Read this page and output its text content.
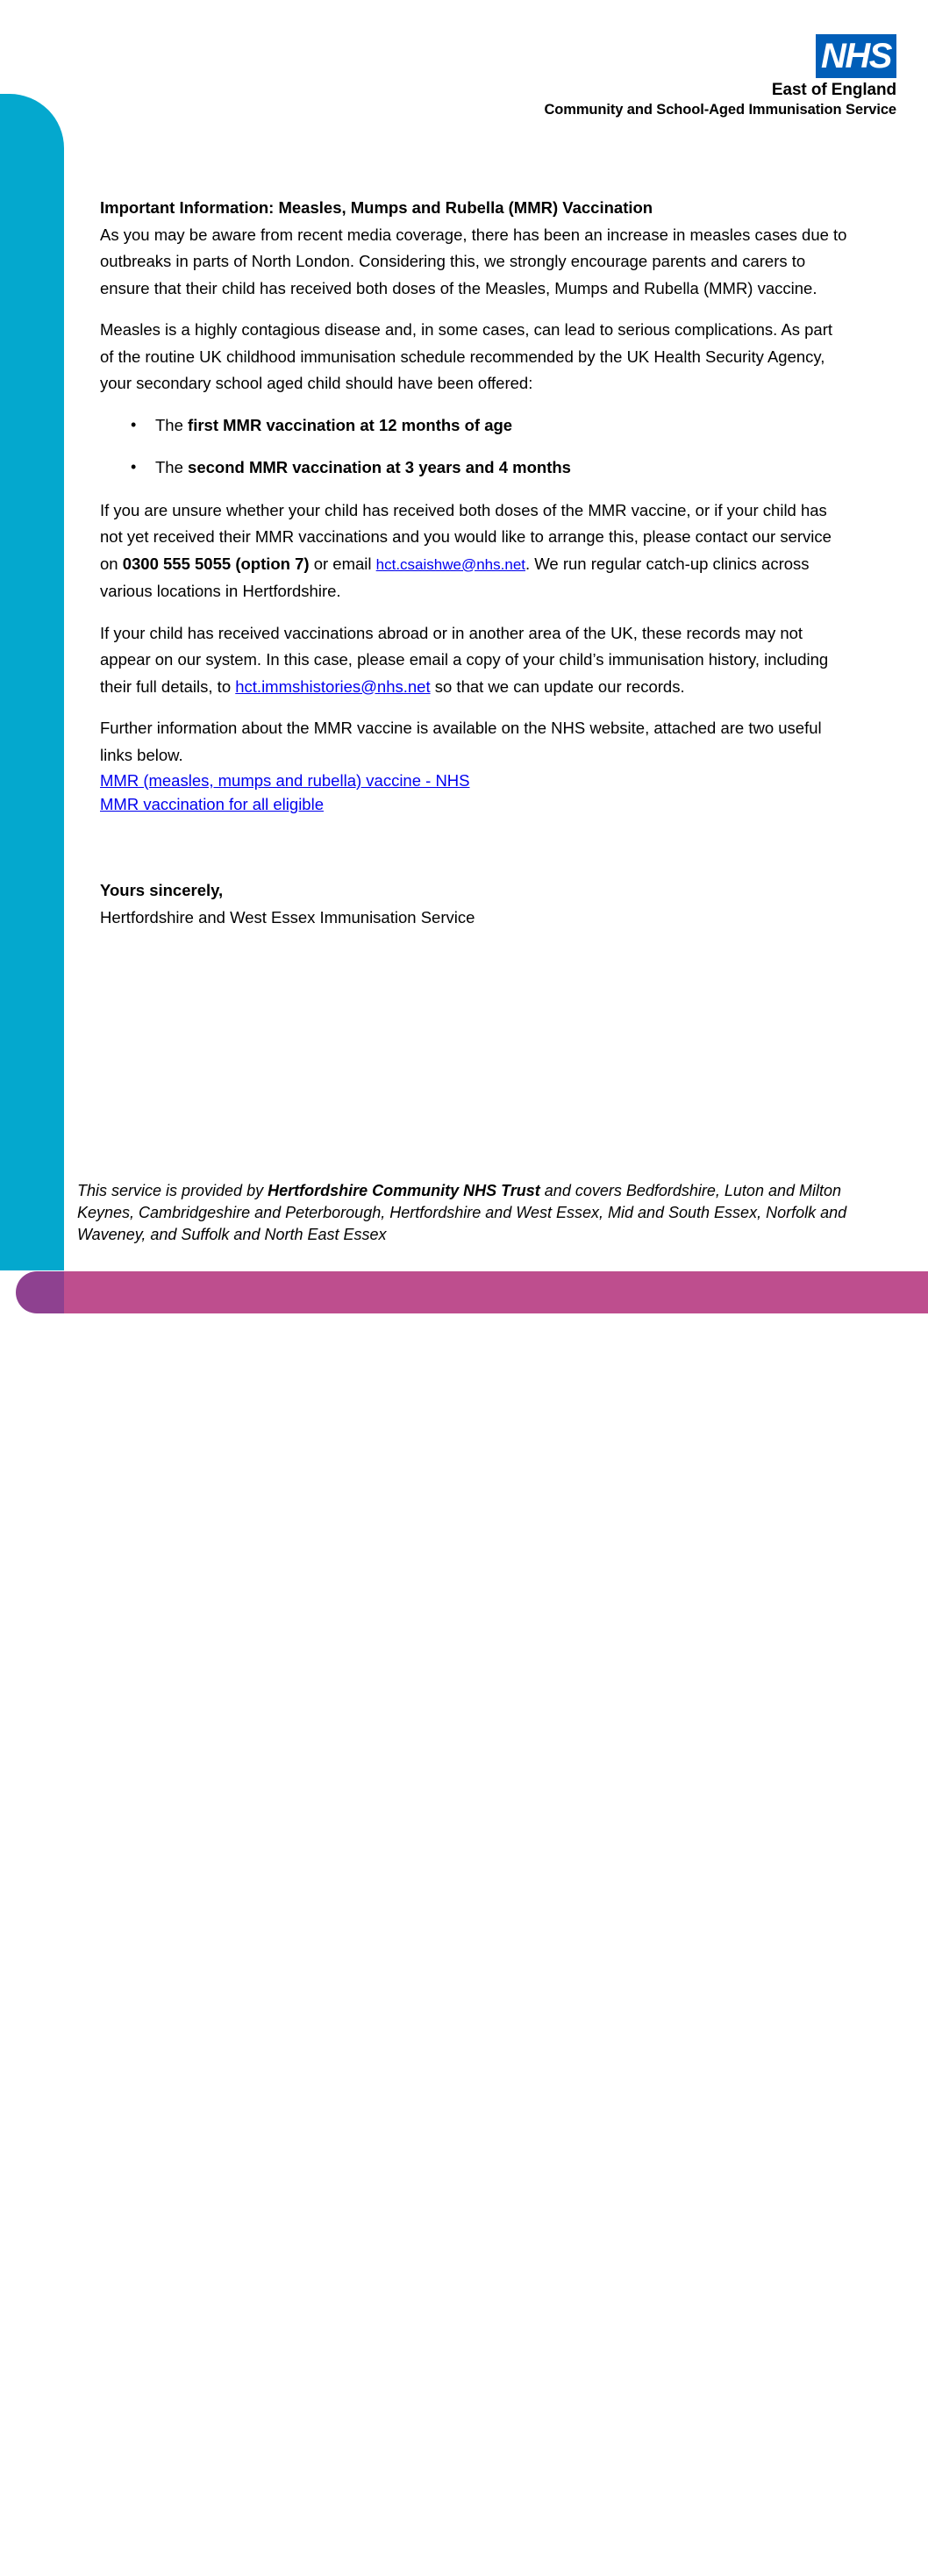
NHS
East of England
Community and School-Aged Immunisation Service

Important Information: Measles, Mumps and Rubella (MMR) Vaccination
As you may be aware from recent media coverage, there has been an increase in measles cases due to outbreaks in parts of North London. Considering this, we strongly encourage parents and carers to ensure that their child has received both doses of the Measles, Mumps and Rubella (MMR) vaccine.

Measles is a highly contagious disease and, in some cases, can lead to serious complications. As part of the routine UK childhood immunisation schedule recommended by the UK Health Security Agency, your secondary school aged child should have been offered:

• The first MMR vaccination at 12 months of age
• The second MMR vaccination at 3 years and 4 months

If you are unsure whether your child has received both doses of the MMR vaccine, or if your child has not yet received their MMR vaccinations and you would like to arrange this, please contact our service on 0300 555 5055 (option 7) or email hct.csaishwe@nhs.net. We run regular catch-up clinics across various locations in Hertfordshire.

If your child has received vaccinations abroad or in another area of the UK, these records may not appear on our system. In this case, please email a copy of your child’s immunisation history, including their full details, to hct.immshistories@nhs.net so that we can update our records.

Further information about the MMR vaccine is available on the NHS website, attached are two useful links below.

MMR (measles, mumps and rubella) vaccine - NHS
MMR vaccination for all eligible

Yours sincerely,
Hertfordshire and West Essex Immunisation Service
This service is provided by Hertfordshire Community NHS Trust and covers Bedfordshire, Luton and Milton Keynes, Cambridgeshire and Peterborough, Hertfordshire and West Essex, Mid and South Essex, Norfolk and Waveney, and Suffolk and North East Essex
www.hct.nhs.uk
